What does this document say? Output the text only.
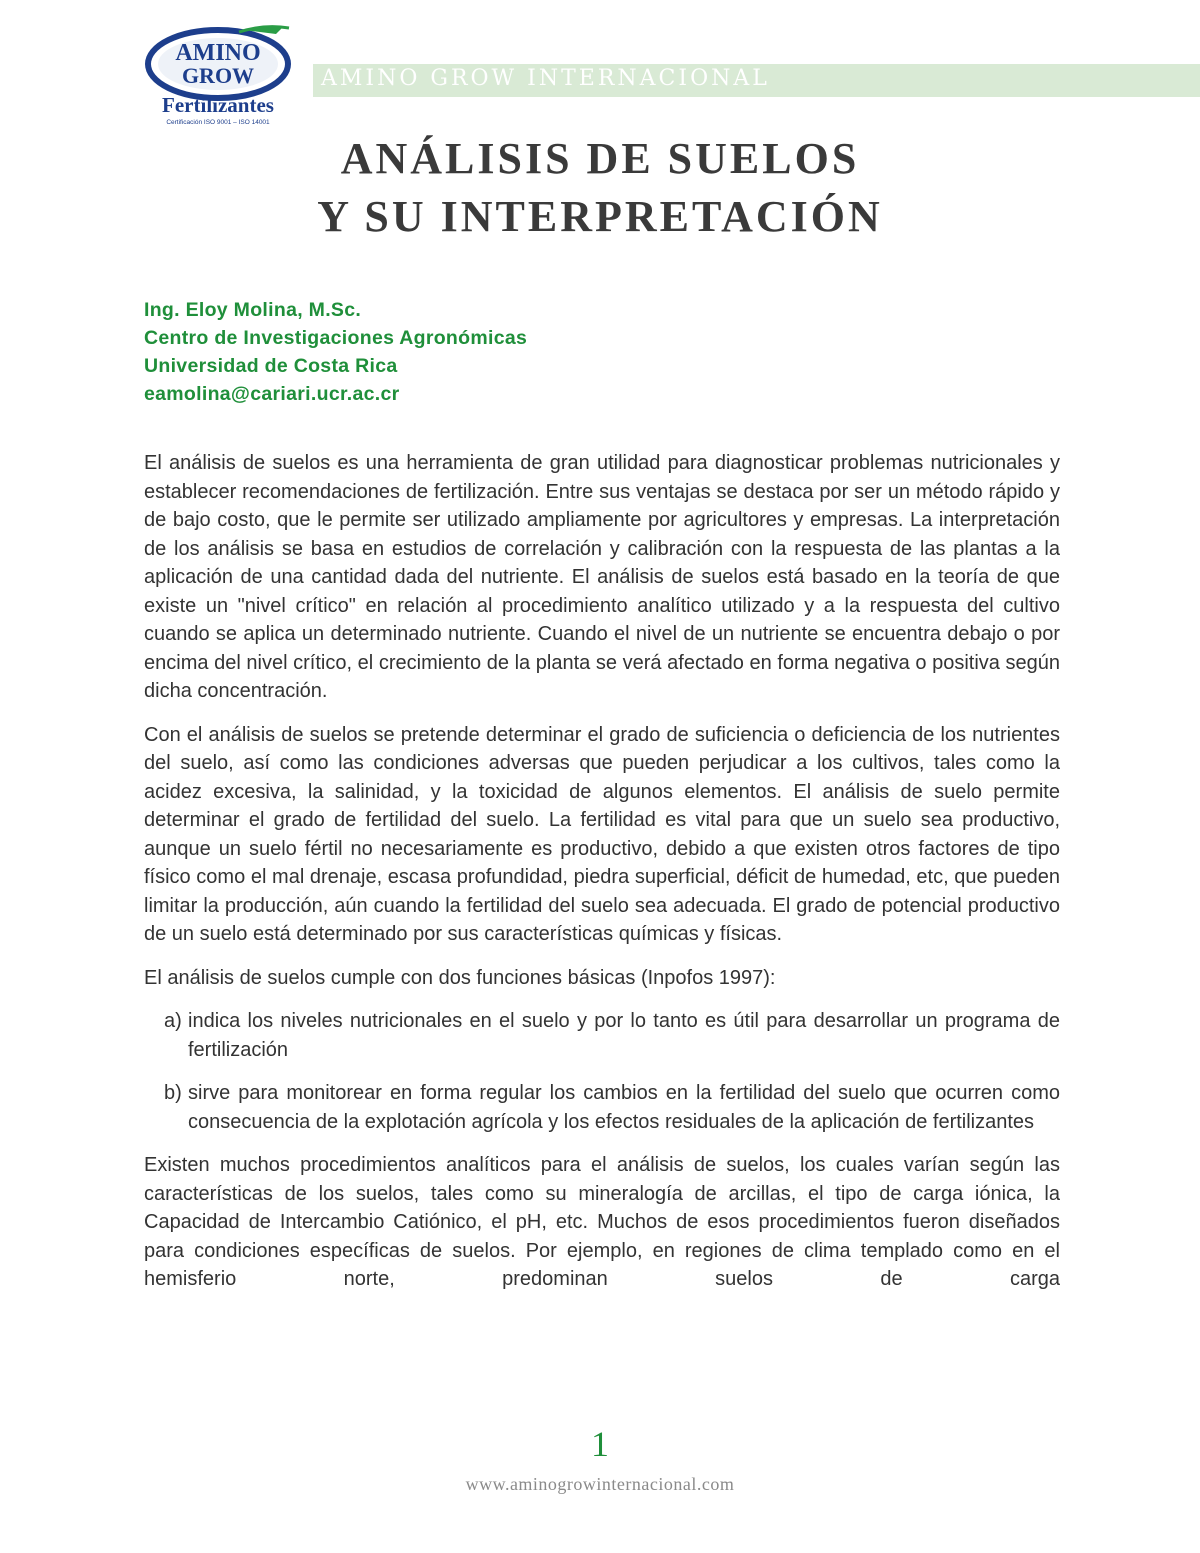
AMINO
GROW
Fertilizantes
Certificación ISO 9001 – ISO 14001
AMINO GROW INTERNACIONAL
ANÁLISIS DE SUELOS
Y SU INTERPRETACIÓN
Ing. Eloy Molina, M.Sc.
Centro de Investigaciones Agronómicas
Universidad de Costa Rica
eamolina@cariari.ucr.ac.cr

El análisis de suelos es una herramienta de gran utilidad para diagnosticar problemas nutricionales y establecer recomendaciones de fertilización. Entre sus ventajas se destaca por ser un método rápido y de bajo costo, que le permite ser utilizado ampliamente por agricultores y empresas. La interpretación de los análisis se basa en estudios de correlación y calibración con la respuesta de las plantas a la aplicación de una cantidad dada del nutriente. El análisis de suelos está basado en la teoría de que existe un "nivel crítico" en relación al procedimiento analítico utilizado y a la respuesta del cultivo cuando se aplica un determinado nutriente. Cuando el nivel de un nutriente se encuentra debajo o por encima del nivel crítico, el crecimiento de la planta se verá afectado en forma negativa o positiva según dicha concentración.

Con el análisis de suelos se pretende determinar el grado de suficiencia o deficiencia de los nutrientes del suelo, así como las condiciones adversas que pueden perjudicar a los cultivos, tales como la acidez excesiva, la salinidad, y la toxicidad de algunos elementos. El análisis de suelo permite determinar el grado de fertilidad del suelo. La fertilidad es vital para que un suelo sea productivo, aunque un suelo fértil no necesariamente es productivo, debido a que existen otros factores de tipo físico como el mal drenaje, escasa profundidad, piedra superficial, déficit de humedad, etc, que pueden limitar la producción, aún cuando la fertilidad del suelo sea adecuada. El grado de potencial productivo de un suelo está determinado por sus características químicas y físicas.

El análisis de suelos cumple con dos funciones básicas (Inpofos 1997):

a) indica los niveles nutricionales en el suelo y por lo tanto es útil para desarrollar un programa de fertilización
b) sirve para monitorear en forma regular los cambios en la fertilidad del suelo que ocurren como consecuencia de la explotación agrícola y los efectos residuales de la aplicación de fertilizantes

Existen muchos procedimientos analíticos para el análisis de suelos, los cuales varían según las características de los suelos, tales como su mineralogía de arcillas, el tipo de carga iónica, la Capacidad de Intercambio Catiónico, el pH, etc. Muchos de esos procedimientos fueron diseñados para condiciones específicas de suelos. Por ejemplo, en regiones de clima templado como en el hemisferio norte, predominan suelos de carga

1
www.aminogrowinternacional.com
